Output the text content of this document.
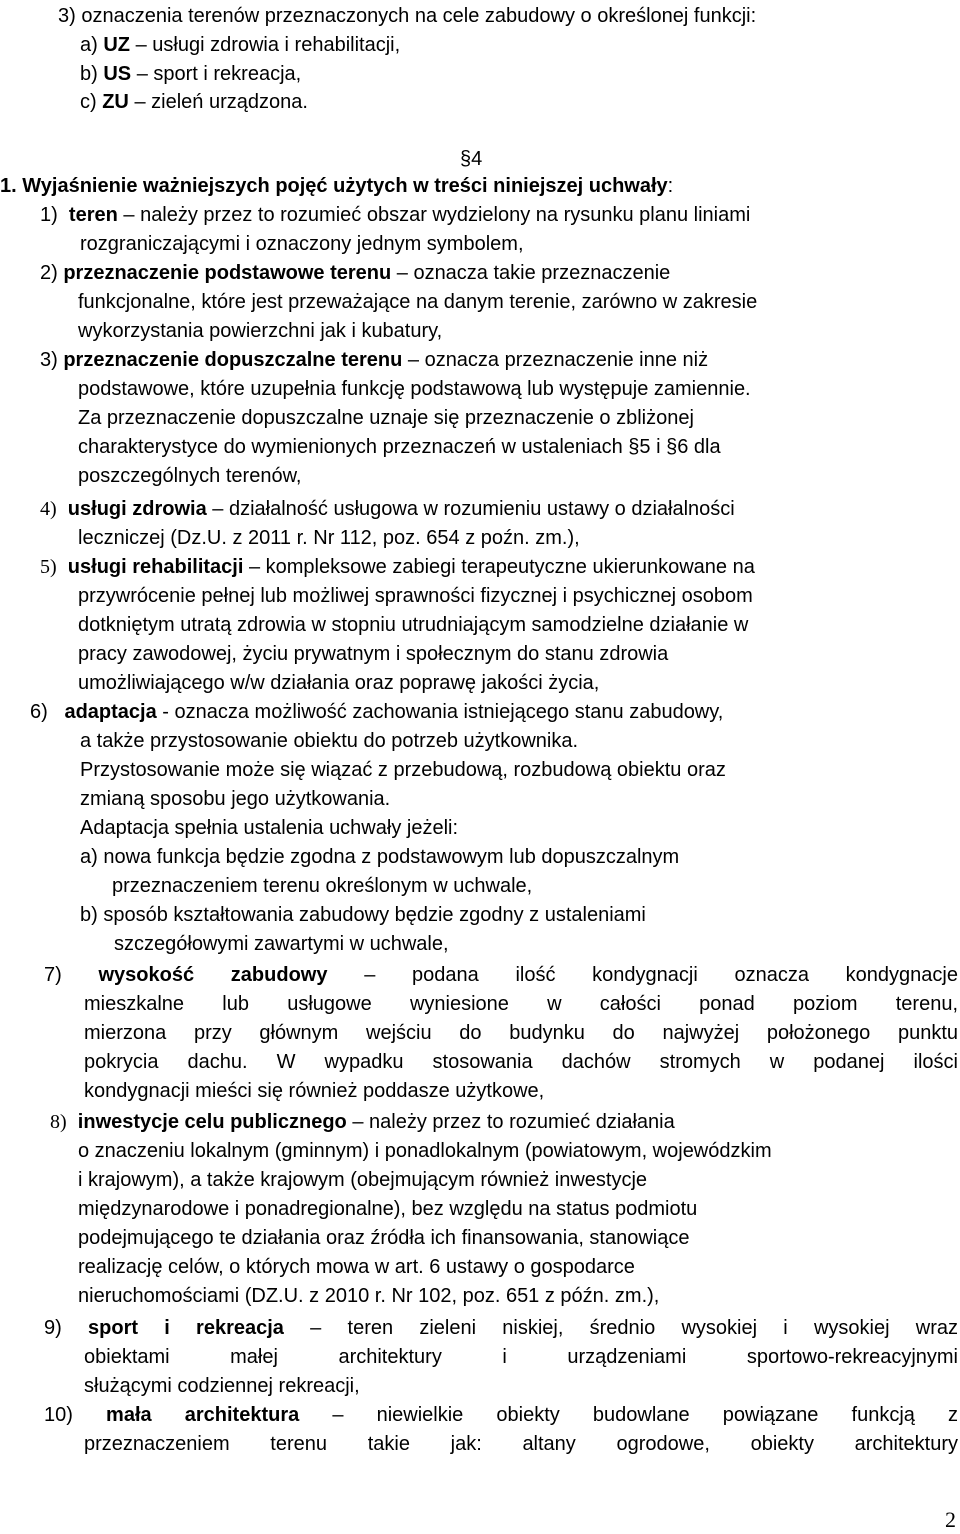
3) oznaczenia terenów przeznaczonych na cele zabudowy o określonej funkcji:
a) UZ – usługi zdrowia i rehabilitacji,
b) US – sport i rekreacja,
c) ZU – zieleń urządzona.
§4
1. Wyjaśnienie ważniejszych pojęć użytych w treści niniejszej uchwały:
1) teren – należy przez to rozumieć obszar wydzielony na rysunku planu liniami
rozgraniczającymi i oznaczony jednym symbolem,
2) przeznaczenie podstawowe terenu – oznacza takie przeznaczenie
funkcjonalne, które jest przeważające na danym terenie, zarówno w zakresie
wykorzystania powierzchni jak i kubatury,
3) przeznaczenie dopuszczalne terenu – oznacza przeznaczenie inne niż
podstawowe, które uzupełnia funkcję podstawową lub występuje zamiennie.
Za przeznaczenie dopuszczalne uznaje się przeznaczenie o zbliżonej
charakterystyce do wymienionych przeznaczeń w ustaleniach §5 i §6 dla
poszczególnych terenów,
4) usługi zdrowia – działalność usługowa w rozumieniu ustawy o działalności
leczniczej (Dz.U. z 2011 r. Nr 112, poz. 654 z poźn. zm.),
5) usługi rehabilitacji – kompleksowe zabiegi terapeutyczne ukierunkowane na
przywrócenie pełnej lub możliwej sprawności fizycznej i psychicznej osobom
dotkniętym utratą zdrowia w stopniu utrudniającym samodzielne działanie w
pracy zawodowej, życiu prywatnym i społecznym do stanu zdrowia
umożliwiającego w/w działania oraz poprawę jakości życia,
6) adaptacja - oznacza możliwość zachowania istniejącego stanu zabudowy,
a także przystosowanie obiektu do potrzeb użytkownika.
Przystosowanie może się wiązać z przebudową, rozbudową obiektu oraz
zmianą sposobu jego użytkowania.
Adaptacja spełnia ustalenia uchwały jeżeli:
a) nowa funkcja będzie zgodna z podstawowym lub dopuszczalnym
przeznaczeniem terenu określonym w uchwale,
b) sposób kształtowania zabudowy będzie zgodny z ustaleniami
szczegółowymi zawartymi w uchwale,
7) wysokość zabudowy – podana ilość kondygnacji oznacza kondygnacje
mieszkalne lub usługowe wyniesione w całości ponad poziom terenu,
mierzona przy głównym wejściu do budynku do najwyżej położonego punktu
pokrycia dachu. W wypadku stosowania dachów stromych w podanej ilości
kondygnacji mieści się również poddasze użytkowe,
8) inwestycje celu publicznego – należy przez to rozumieć działania
o znaczeniu lokalnym (gminnym) i ponadlokalnym (powiatowym, wojewódzkim
i krajowym), a także krajowym (obejmującym również inwestycje
międzynarodowe i ponadregionalne), bez względu na status podmiotu
podejmującego te działania oraz źródła ich finansowania, stanowiące
realizację celów, o których mowa w art. 6 ustawy o gospodarce
nieruchomościami (DZ.U. z 2010 r. Nr 102, poz. 651 z późn. zm.),
9) sport i rekreacja – teren zieleni niskiej, średnio wysokiej i wysokiej wraz
obiektami małej architektury i urządzeniami sportowo-rekreacyjnymi
służącymi codziennej rekreacji,
10) mała architektura – niewielkie obiekty budowlane powiązane funkcją z
przeznaczeniem terenu takie jak: altany ogrodowe, obiekty architektury
2
